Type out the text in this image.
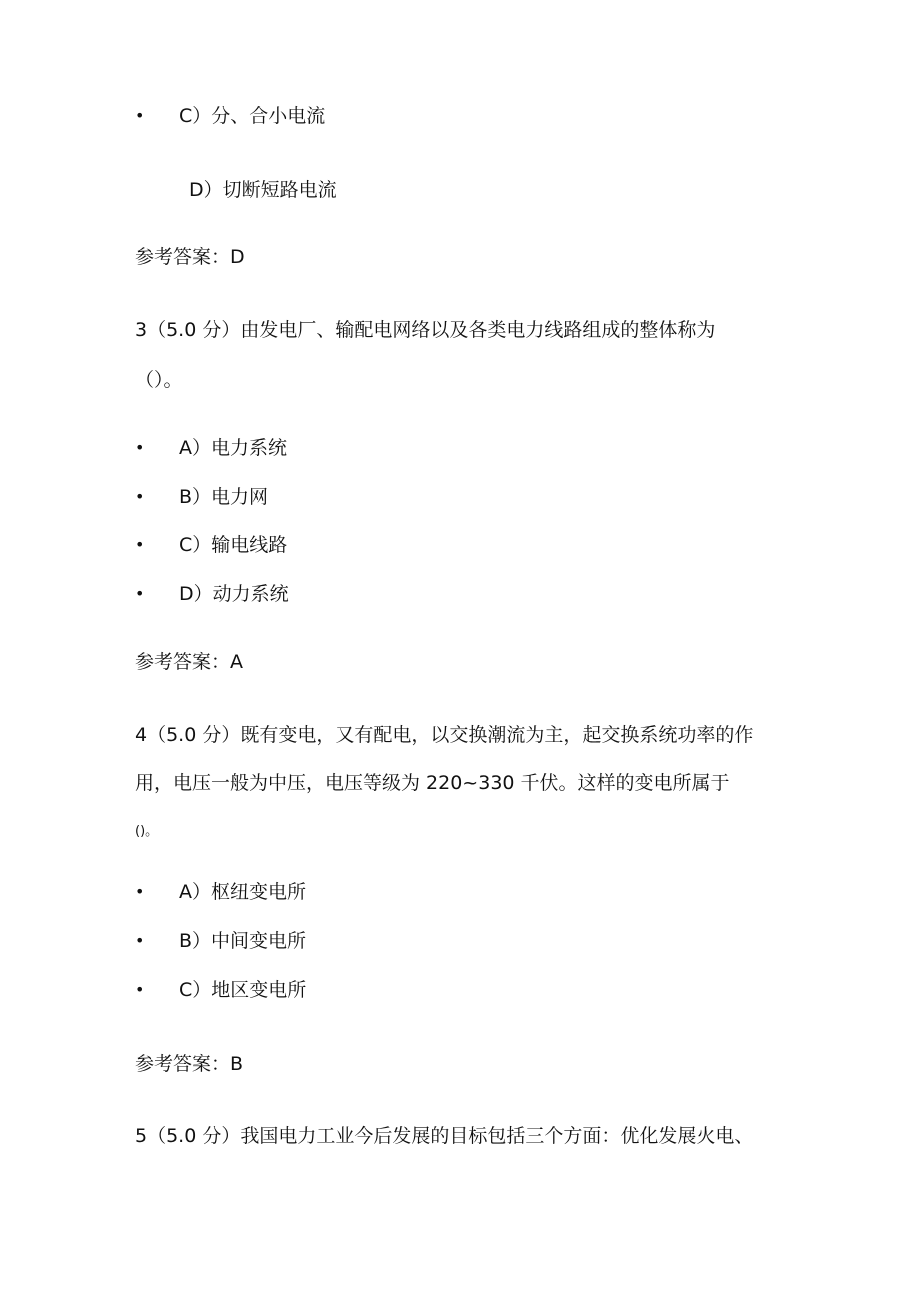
• C）分、合小电流
D）切断短路电流
参考答案：D
3（5.0 分）由发电厂、输配电网络以及各类电力线路组成的整体称为
（）。
• A）电力系统
• B）电力网
• C）输电线路
• D）动力系统
参考答案：A
4（5.0 分）既有变电，又有配电，以交换潮流为主，起交换系统功率的作
用，电压一般为中压，电压等级为 220~330 千伏。这样的变电所属于
()。
• A）枢纽变电所
• B）中间变电所
• C）地区变电所
参考答案：B
5（5.0 分）我国电力工业今后发展的目标包括三个方面：优化发展火电、
